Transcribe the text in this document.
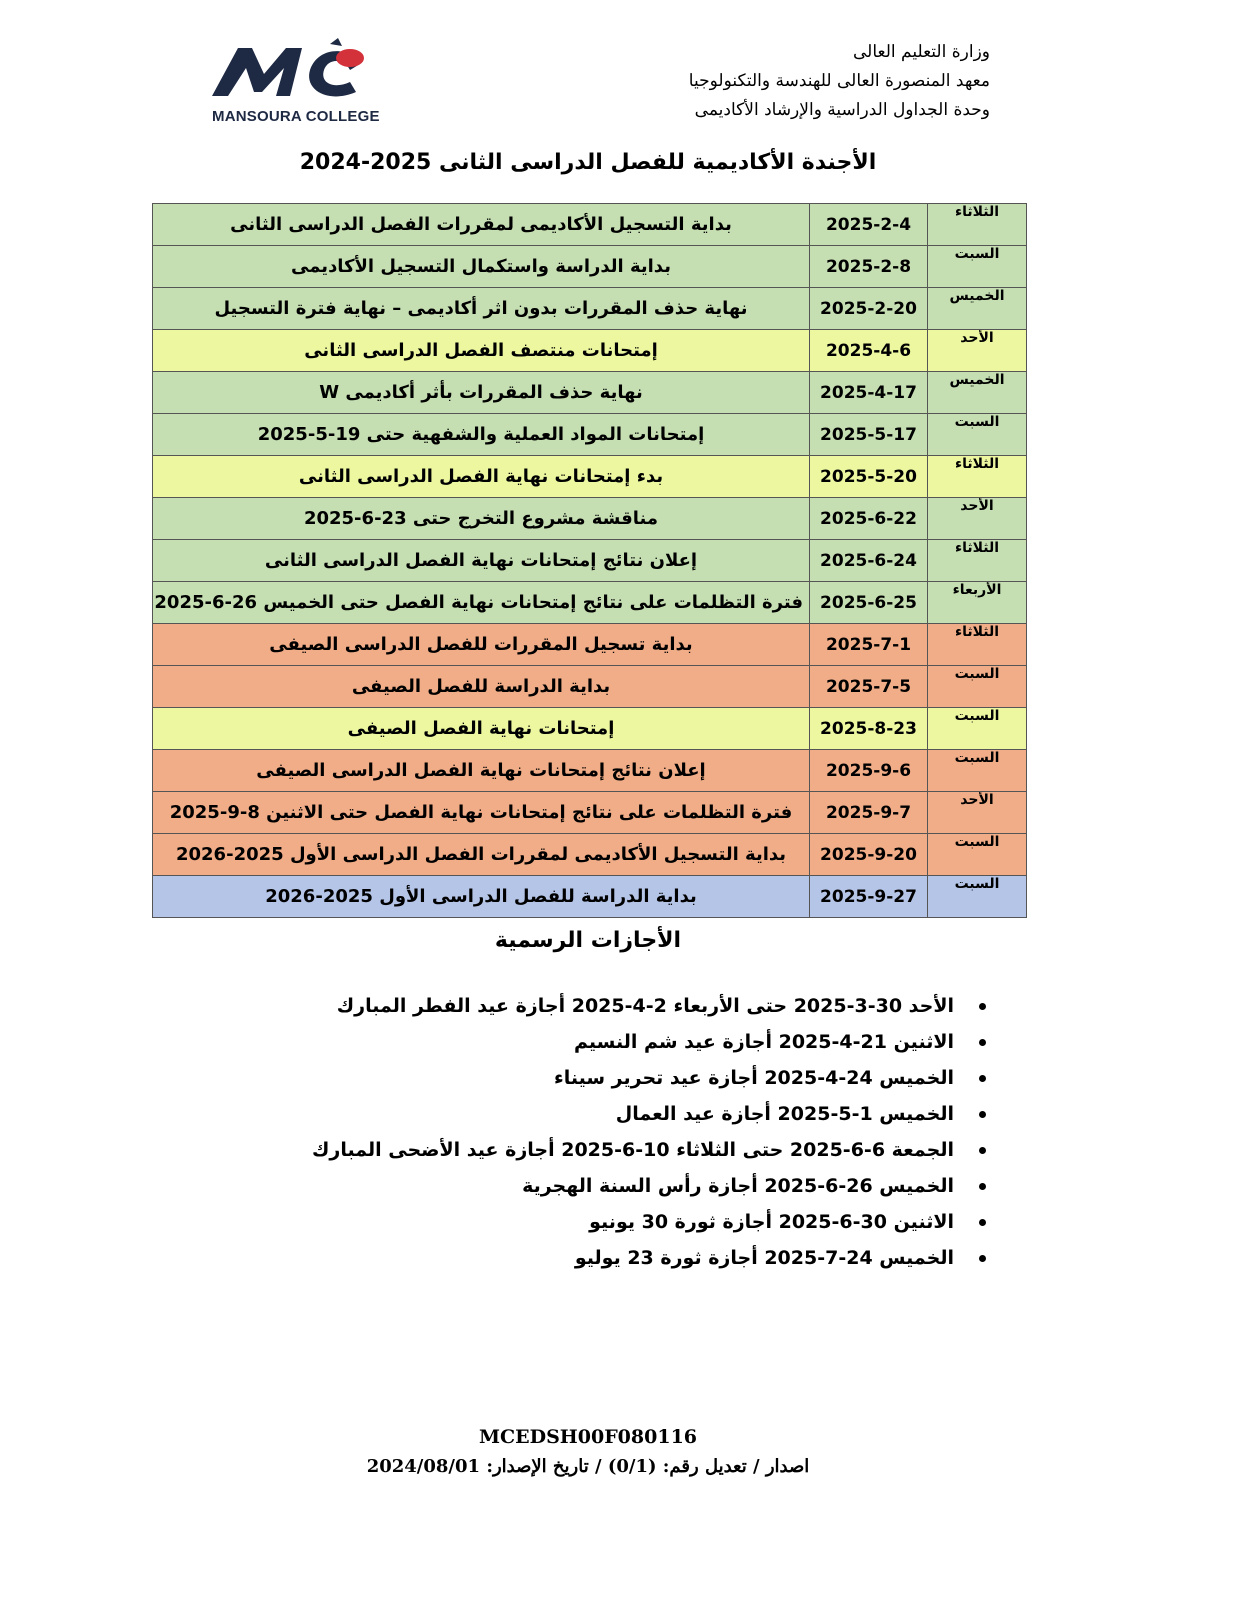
MANSOURA COLLEGE
وزارة التعليم العالى
معهد المنصورة العالى للهندسة والتكنولوجيا
وحدة الجداول الدراسية والإرشاد الأكاديمى
الأجندة الأكاديمية للفصل الدراسى الثانى 2025-2024
الثلاثاء	2025-2-4	بداية التسجيل الأكاديمى لمقررات الفصل الدراسى الثانى
السبت	2025-2-8	بداية الدراسة واستكمال التسجيل الأكاديمى
الخميس	2025-2-20	نهاية حذف المقررات بدون اثر أكاديمى – نهاية فترة التسجيل
الأحد	2025-4-6	إمتحانات منتصف الفصل الدراسى الثانى
الخميس	2025-4-17	نهاية حذف المقررات بأثر أكاديمى W
السبت	2025-5-17	إمتحانات المواد العملية والشفهية حتى 19-5-2025
الثلاثاء	2025-5-20	بدء إمتحانات نهاية الفصل الدراسى الثانى
الأحد	2025-6-22	مناقشة مشروع التخرج حتى 23-6-2025
الثلاثاء	2025-6-24	إعلان نتائج إمتحانات نهاية الفصل الدراسى الثانى
الأربعاء	2025-6-25	فترة التظلمات على نتائج إمتحانات نهاية الفصل حتى الخميس 26-6-2025
الثلاثاء	2025-7-1	بداية تسجيل المقررات للفصل الدراسى الصيفى
السبت	2025-7-5	بداية الدراسة للفصل الصيفى
السبت	2025-8-23	إمتحانات نهاية الفصل الصيفى
السبت	2025-9-6	إعلان نتائج إمتحانات نهاية الفصل الدراسى الصيفى
الأحد	2025-9-7	فترة التظلمات على نتائج إمتحانات نهاية الفصل حتى الاثنين 8-9-2025
السبت	2025-9-20	بداية التسجيل الأكاديمى لمقررات الفصل الدراسى الأول 2025-2026
السبت	2025-9-27	بداية الدراسة للفصل الدراسى الأول 2025-2026
الأجازات الرسمية
الأحد 30-3-2025 حتى الأربعاء 2-4-2025 أجازة عيد الفطر المبارك
الاثنين 21-4-2025 أجازة عيد شم النسيم
الخميس 24-4-2025 أجازة عيد تحرير سيناء
الخميس 1-5-2025 أجازة عيد العمال
الجمعة 6-6-2025 حتى الثلاثاء 10-6-2025 أجازة عيد الأضحى المبارك
الخميس 26-6-2025 أجازة رأس السنة الهجرية
الاثنين 30-6-2025 أجازة ثورة 30 يونيو
الخميس 24-7-2025 أجازة ثورة 23 يوليو
MCEDSH00F080116
اصدار / تعديل رقم: (0/1) / تاريخ الإصدار: 2024/08/01
